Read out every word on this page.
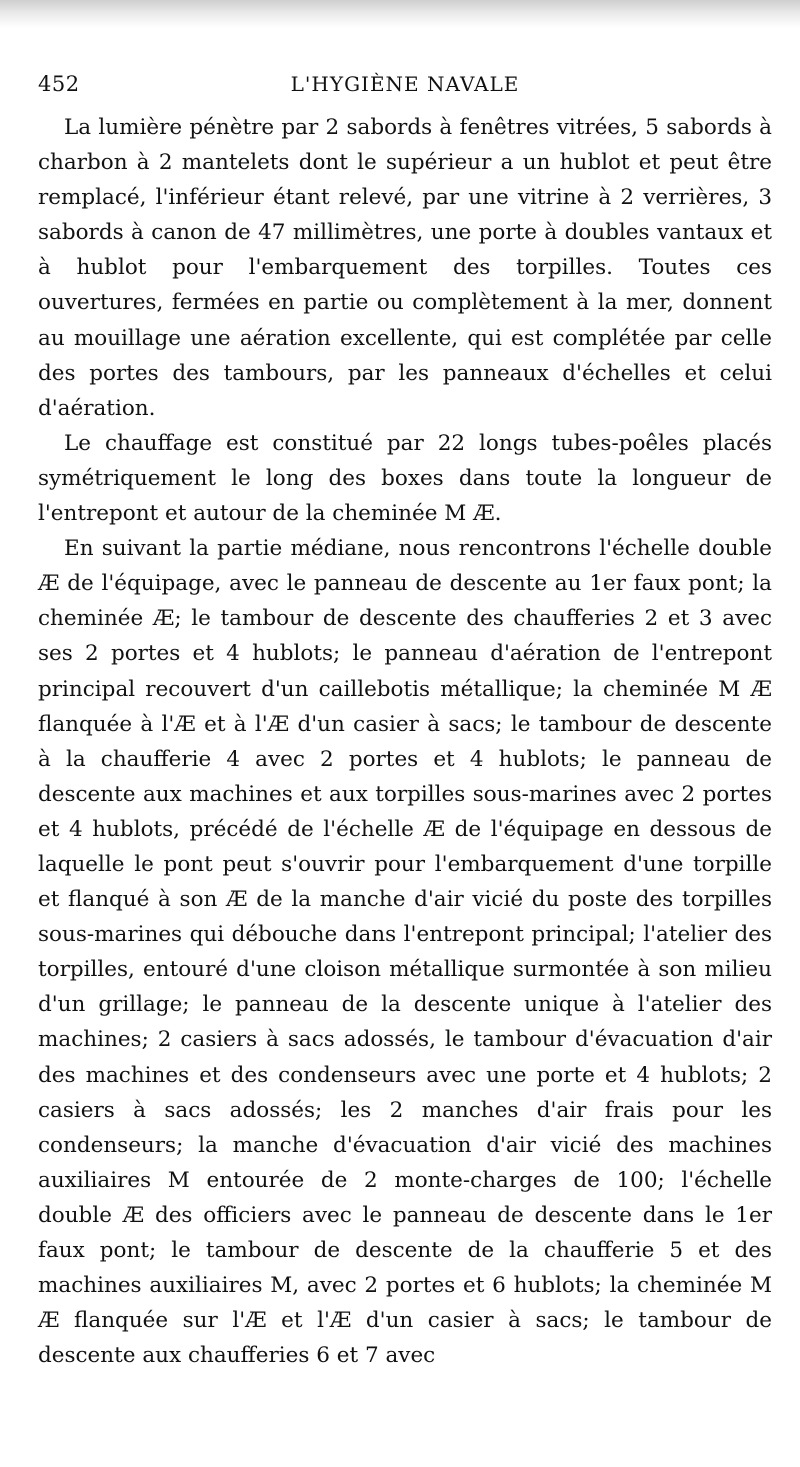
452	L'HYGIÈNE NAVALE

La lumière pénètre par 2 sabords à fenêtres vitrées, 5 sabords à charbon à 2 mantelets dont le supérieur a un hublot et peut être remplacé, l'inférieur étant relevé, par une vitrine à 2 verrières, 3 sabords à canon de 47 millimètres, une porte à doubles vantaux et à hublot pour l'embarquement des torpilles. Toutes ces ouvertures, fermées en partie ou complètement à la mer, donnent au mouillage une aération excellente, qui est complétée par celle des portes des tambours, par les panneaux d'échelles et celui d'aération.

Le chauffage est constitué par 22 longs tubes-poêles placés symétriquement le long des boxes dans toute la longueur de l'entrepont et autour de la cheminée M Æ.

En suivant la partie médiane, nous rencontrons l'échelle double Ӕ de l'équipage, avec le panneau de descente au 1er faux pont; la cheminée Ӕ; le tambour de descente des chaufferies 2 et 3 avec ses 2 portes et 4 hublots; le panneau d'aération de l'entrepont principal recouvert d'un caillebotis métallique; la cheminée M Ӕ flanquée à l'Ӕ et à l'Æ d'un casier à sacs; le tambour de descente à la chaufferie 4 avec 2 portes et 4 hublots; le panneau de descente aux machines et aux torpilles sous-marines avec 2 portes et 4 hublots, précédé de l'échelle Æ de l'équipage en dessous de laquelle le pont peut s'ouvrir pour l'embarquement d'une torpille et flanqué à son Ӕ de la manche d'air vicié du poste des torpilles sous-marines qui débouche dans l'entrepont principal; l'atelier des torpilles, entouré d'une cloison métallique surmontée à son milieu d'un grillage; le panneau de la descente unique à l'atelier des machines; 2 casiers à sacs adossés, le tambour d'évacuation d'air des machines et des condenseurs avec une porte et 4 hublots; 2 casiers à sacs adossés; les 2 manches d'air frais pour les condenseurs; la manche d'évacuation d'air vicié des machines auxiliaires M entourée de 2 monte-charges de 100; l'échelle double Ӕ des officiers avec le panneau de descente dans le 1er faux pont; le tambour de descente de la chaufferie 5 et des machines auxiliaires M, avec 2 portes et 6 hublots; la cheminée M Æ flanquée sur l'Ӕ et l'Æ d'un casier à sacs; le tambour de descente aux chaufferies 6 et 7 avec
